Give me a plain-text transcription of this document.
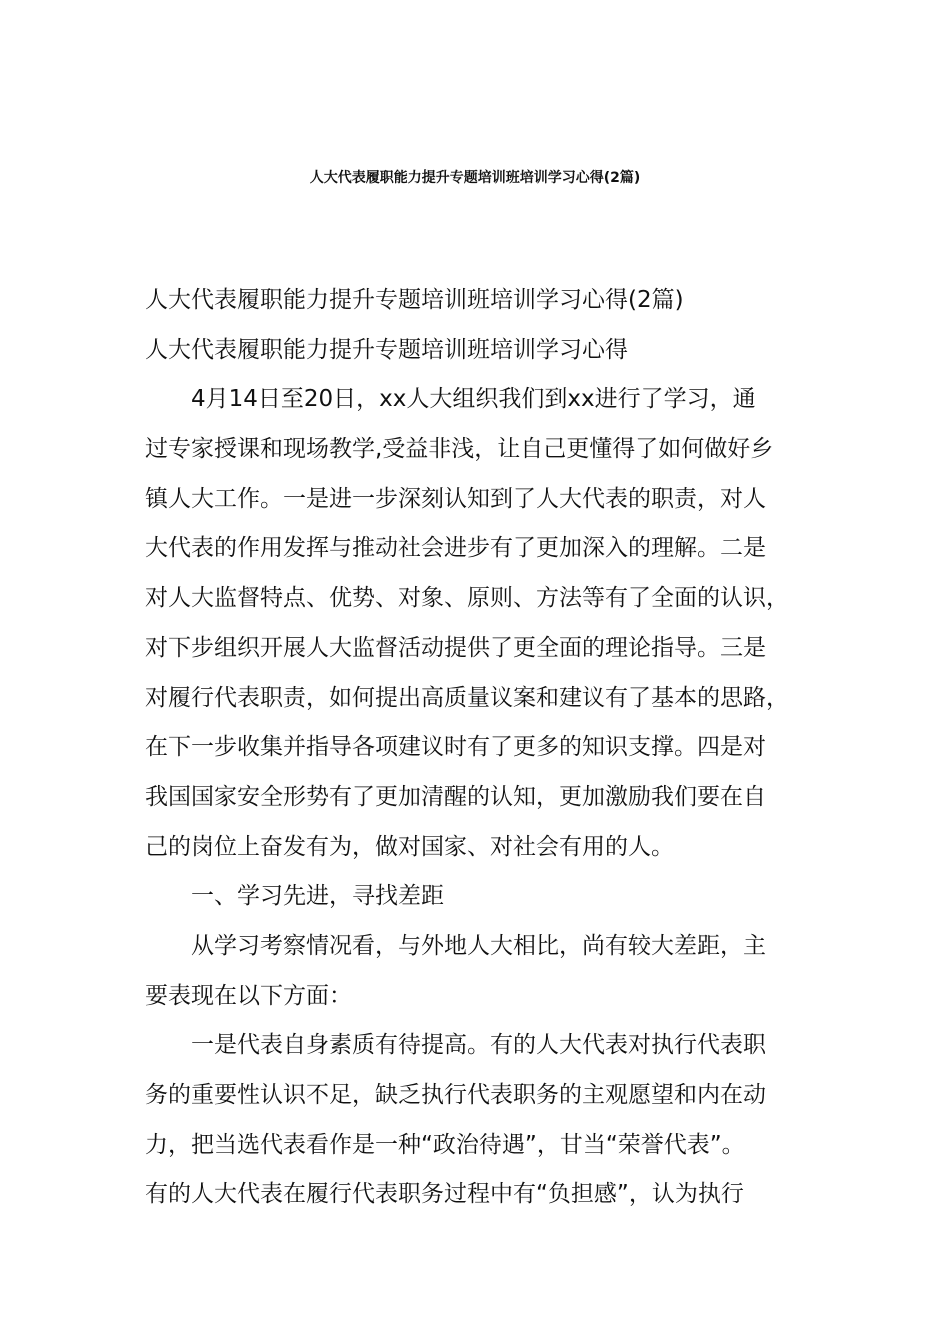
人大代表履职能力提升专题培训班培训学习心得(2篇)
人大代表履职能力提升专题培训班培训学习心得(2篇)
人大代表履职能力提升专题培训班培训学习心得
4月14日至20日，xx人大组织我们到xx进行了学习，通
过专家授课和现场教学,受益非浅，让自己更懂得了如何做好乡
镇人大工作。一是进一步深刻认知到了人大代表的职责，对人
大代表的作用发挥与推动社会进步有了更加深入的理解。二是
对人大监督特点、优势、对象、原则、方法等有了全面的认识，
对下步组织开展人大监督活动提供了更全面的理论指导。三是
对履行代表职责，如何提出高质量议案和建议有了基本的思路，
在下一步收集并指导各项建议时有了更多的知识支撑。四是对
我国国家安全形势有了更加清醒的认知，更加激励我们要在自
己的岗位上奋发有为，做对国家、对社会有用的人。
一、学习先进，寻找差距
从学习考察情况看，与外地人大相比，尚有较大差距，主
要表现在以下方面：
一是代表自身素质有待提高。有的人大代表对执行代表职
务的重要性认识不足，缺乏执行代表职务的主观愿望和内在动
力，把当选代表看作是一种“政治待遇”，甘当“荣誉代表”。
有的人大代表在履行代表职务过程中有“负担感”，认为执行
